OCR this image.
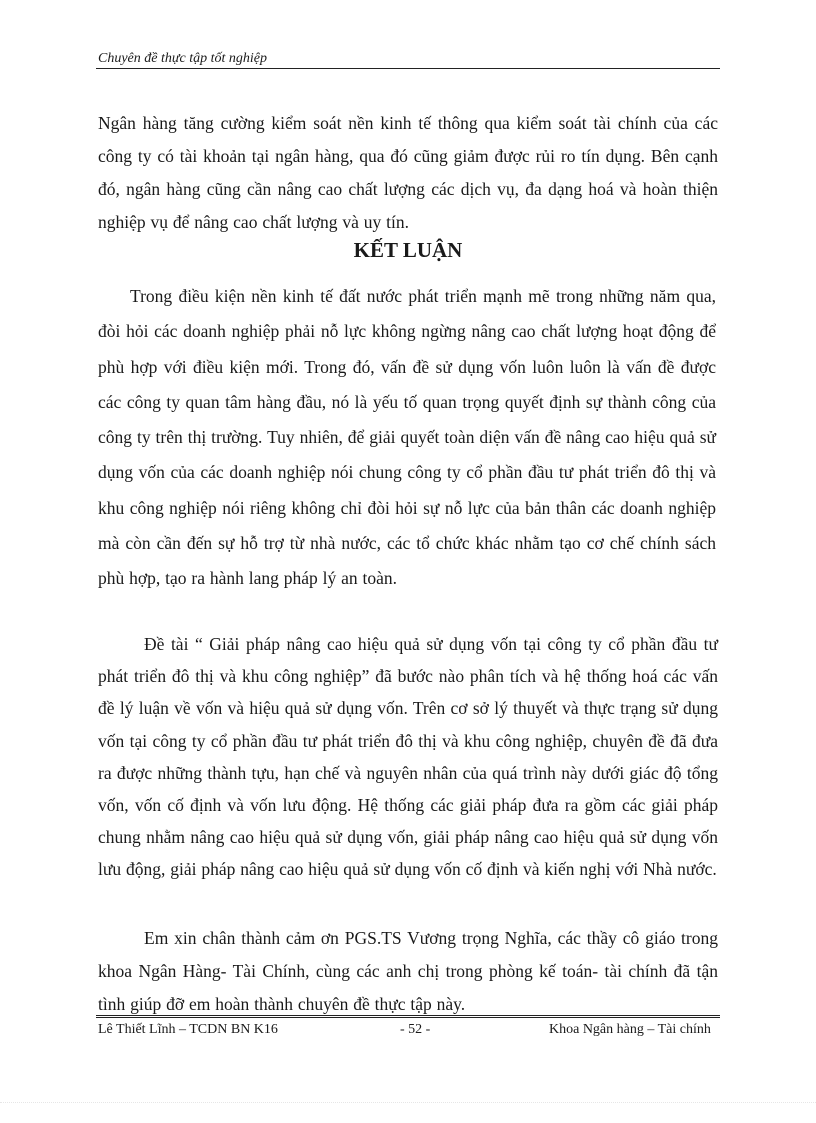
Chuyên đề thực tập tốt nghiệp

Ngân hàng tăng cường kiểm soát nền kinh tế thông qua kiểm soát tài chính của các công ty có tài khoản tại ngân hàng, qua đó cũng giảm được rủi ro tín dụng. Bên cạnh đó, ngân hàng cũng cần nâng cao chất lượng các dịch vụ, đa dạng hoá và hoàn thiện nghiệp vụ để nâng cao chất lượng và uy tín.

KẾT LUẬN

Trong điều kiện nền kinh tế đất nước phát triển mạnh mẽ trong những năm qua, đòi hỏi các doanh nghiệp phải nỗ lực không ngừng nâng cao chất lượng hoạt động để phù hợp với điều kiện mới. Trong đó, vấn đề sử dụng vốn luôn luôn là vấn đề được các công ty quan tâm hàng đầu, nó là yếu tố quan trọng quyết định sự thành công của công ty trên thị trường. Tuy nhiên, để giải quyết toàn diện vấn đề nâng cao hiệu quả sử dụng vốn của các doanh nghiệp nói chung công ty cổ phần đầu tư phát triển đô thị và khu công nghiệp nói riêng không chỉ đòi hỏi sự nỗ lực của bản thân các doanh nghiệp mà còn cần đến sự hỗ trợ từ nhà nước, các tổ chức khác nhằm tạo cơ chế chính sách phù hợp, tạo ra hành lang pháp lý an toàn.

Đề tài “ Giải pháp nâng cao hiệu quả sử dụng vốn tại công ty cổ phần đầu tư phát triển đô thị và khu công nghiệp” đã bước nào phân tích và hệ thống hoá các vấn đề lý luận về vốn và hiệu quả sử dụng vốn. Trên cơ sở lý thuyết và thực trạng sử dụng vốn tại công ty cổ phần đầu tư phát triển đô thị và khu công nghiệp, chuyên đề đã đưa ra được những thành tựu, hạn chế và nguyên nhân của quá trình này dưới giác độ tổng vốn, vốn cố định và vốn lưu động. Hệ thống các giải pháp đưa ra gồm các giải pháp chung nhằm nâng cao hiệu quả sử dụng vốn, giải pháp nâng cao hiệu quả sử dụng vốn lưu động, giải pháp nâng cao hiệu quả sử dụng vốn cố định và kiến nghị với Nhà nước.

Em xin chân thành cảm ơn PGS.TS Vương trọng Nghĩa, các thầy cô giáo trong khoa Ngân Hàng- Tài Chính, cùng các anh chị trong phòng kế toán- tài chính đã tận tình giúp đỡ em hoàn thành chuyên đề thực tập này.

Lê Thiết Lĩnh – TCDN BN K16	- 52 -	Khoa Ngân hàng – Tài chính
